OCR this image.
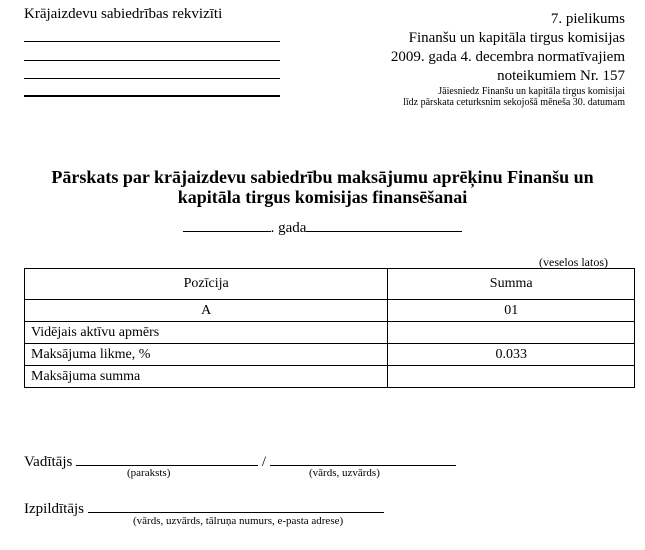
Krājaizdevu sabiedrības rekvizīti	7. pielikums
Finanšu un kapitāla tirgus komisijas
2009. gada 4. decembra normatīvajiem
noteikumiem Nr. 157
Jāiesniedz Finanšu un kapitāla tirgus komisijai
līdz pārskata ceturksnim sekojošā mēneša 30. datumam
Pārskats par krājaizdevu sabiedrību maksājumu aprēķinu Finanšu un
kapitāla tirgus komisijas finansēšanai
. gada
(veselos latos)
Pozīcija	Summa
A	01
Vidējais aktīvu apmērs	
Maksājuma likme, %	0.033
Maksājuma summa	
Vadītājs	/
(paraksts)	(vārds, uzvārds)
Izpildītājs
(vārds, uzvārds, tālruņa numurs, e-pasta adrese)
